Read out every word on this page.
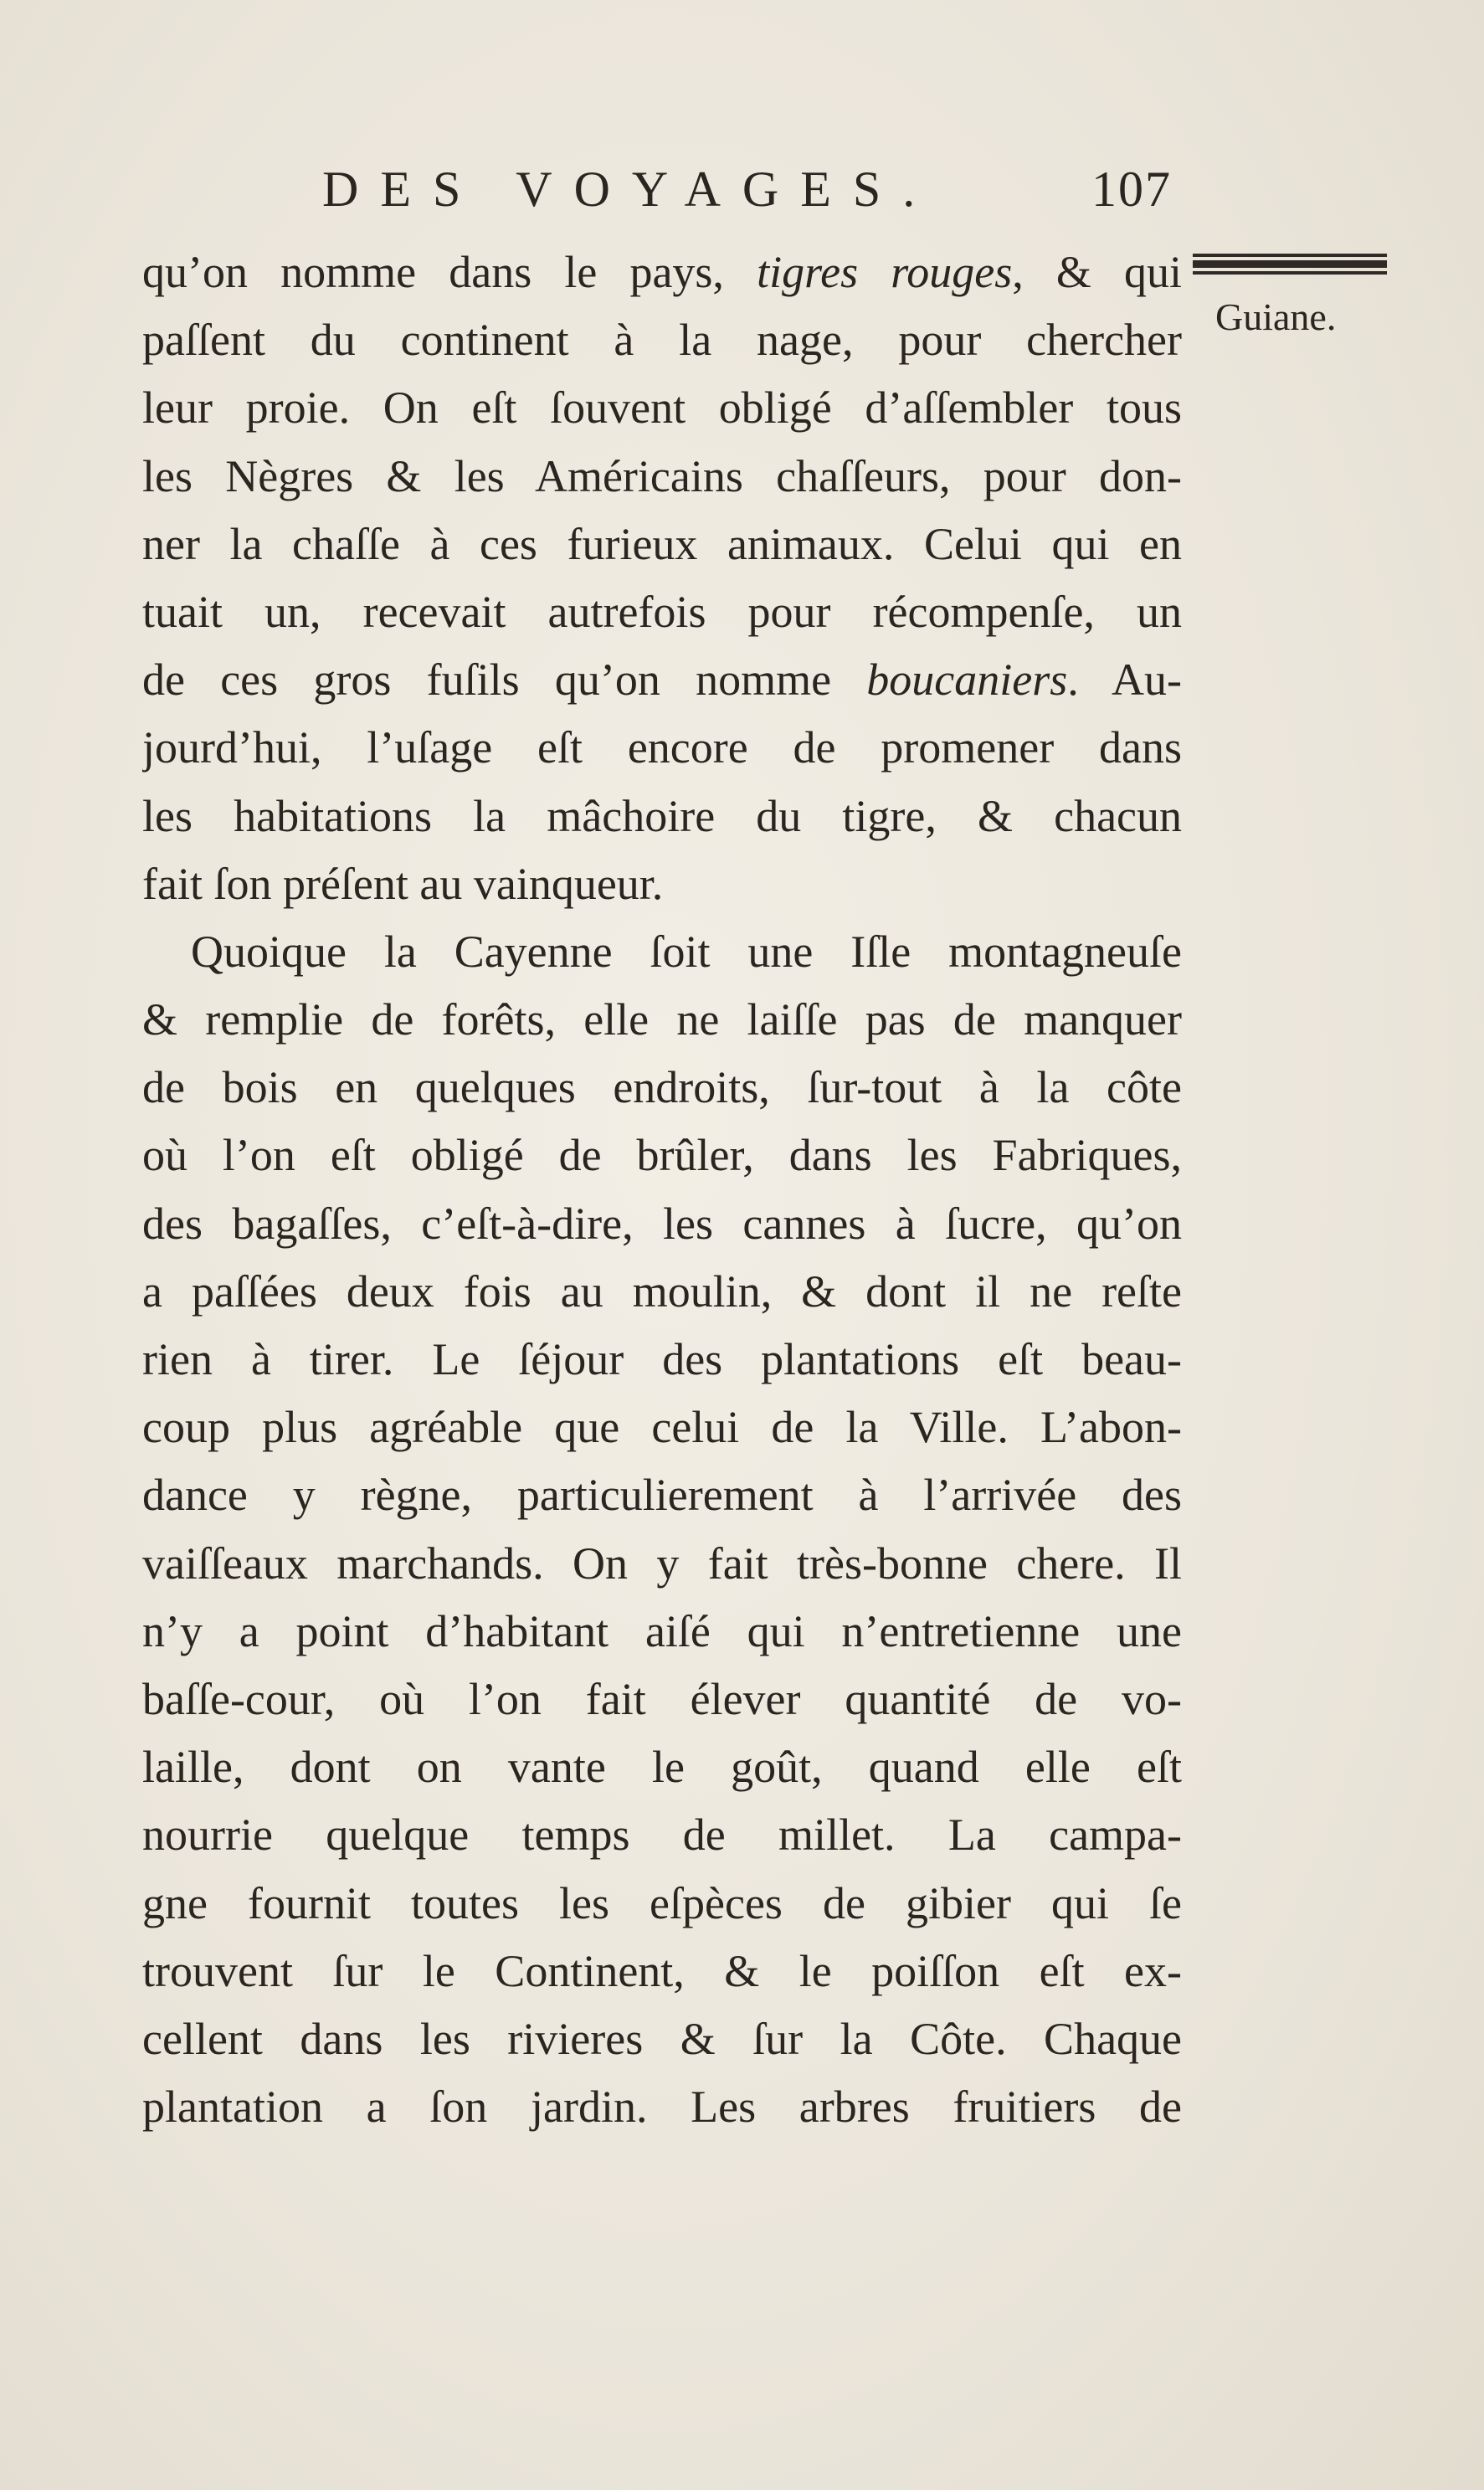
DES VOYAGES.	107
Guiane.
qu’on nomme dans le pays, tigres rouges, & qui
paſſent du continent à la nage, pour chercher
leur proie. On eſt ſouvent obligé d’aſſembler tous
les Nègres & les Américains chaſſeurs, pour don-
ner la chaſſe à ces furieux animaux. Celui qui en
tuait un, recevait autrefois pour récompenſe, un
de ces gros fuſils qu’on nomme boucaniers. Au-
jourd’hui, l’uſage eſt encore de promener dans
les habitations la mâchoire du tigre, & chacun
fait ſon préſent au vainqueur.
Quoique la Cayenne ſoit une Iſle montagneuſe
& remplie de forêts, elle ne laiſſe pas de manquer
de bois en quelques endroits, ſur-tout à la côte
où l’on eſt obligé de brûler, dans les Fabriques,
des bagaſſes, c’eſt-à-dire, les cannes à ſucre, qu’on
a paſſées deux fois au moulin, & dont il ne reſte
rien à tirer. Le ſéjour des plantations eſt beau-
coup plus agréable que celui de la Ville. L’abon-
dance y règne, particulierement à l’arrivée des
vaiſſeaux marchands. On y fait très-bonne chere. Il
n’y a point d’habitant aiſé qui n’entretienne une
baſſe-cour, où l’on fait élever quantité de vo-
laille, dont on vante le goût, quand elle eſt
nourrie quelque temps de millet. La campa-
gne fournit toutes les eſpèces de gibier qui ſe
trouvent ſur le Continent, & le poiſſon eſt ex-
cellent dans les rivieres & ſur la Côte. Chaque
plantation a ſon jardin. Les arbres fruitiers de
